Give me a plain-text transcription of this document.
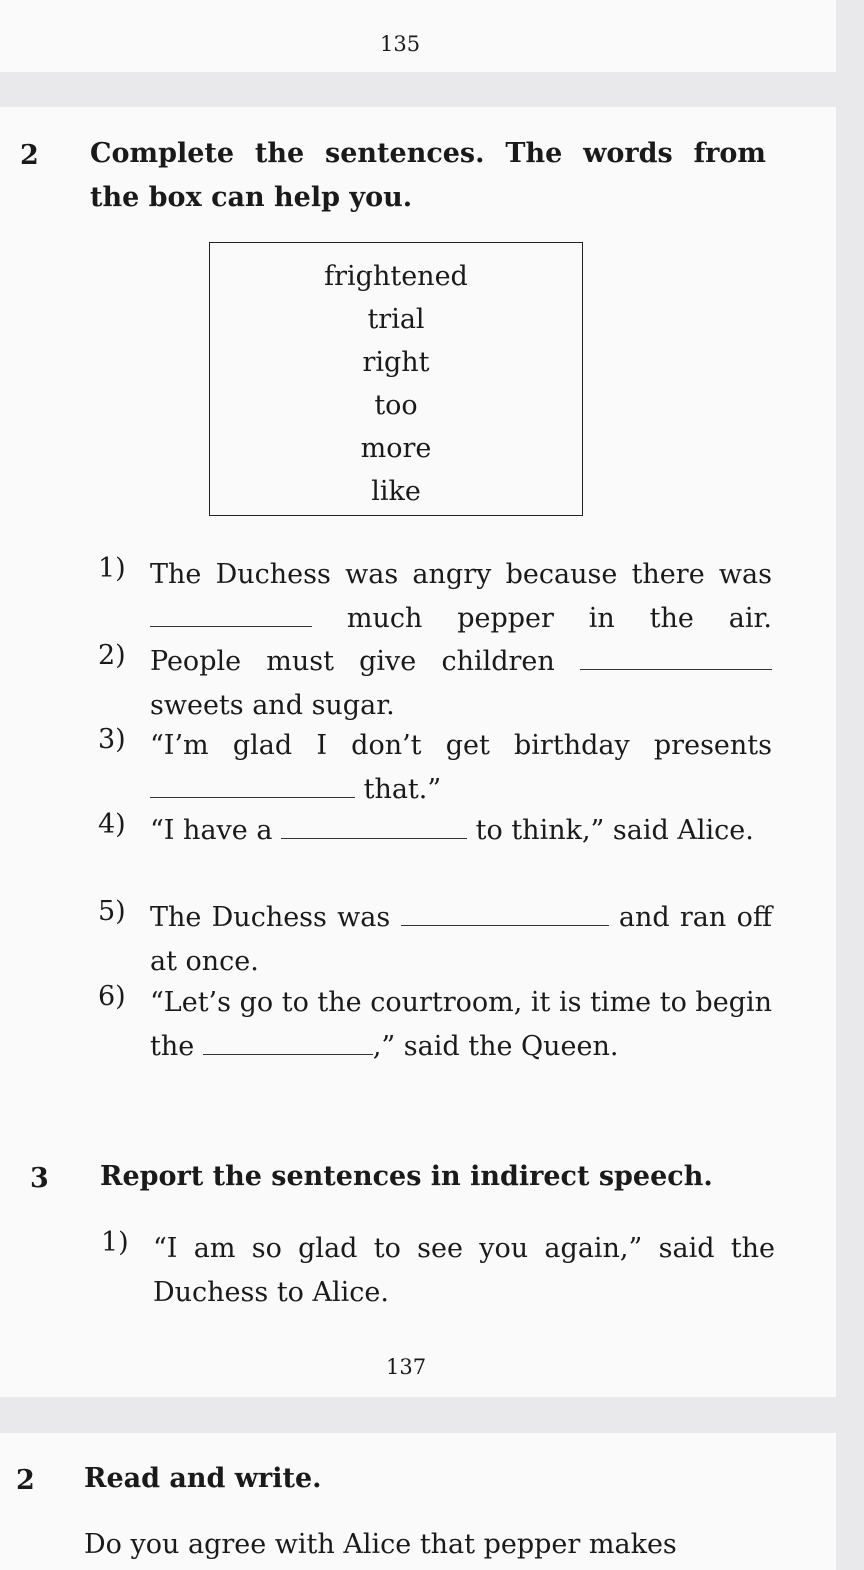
135
2 Complete the sentences. The words from the box can help you.

frightened
trial
right
too
more
like
1) The Duchess was angry because there was  much pepper in the air.
2) People must give children  sweets and sugar.
3) “I’m glad I don’t get birthday presents  that.”
4) “I have a	to think,” said Alice.
5) The Duchess was	and ran off at once.
6) “Let’s go to the courtroom, it is time to begin the	,” said the Queen.
3 Report the sentences in indirect speech.

1) “I am so glad to see you again,” said the Duchess to Alice.
137
2 Read and write.

Do you agree with Alice that pepper makes
